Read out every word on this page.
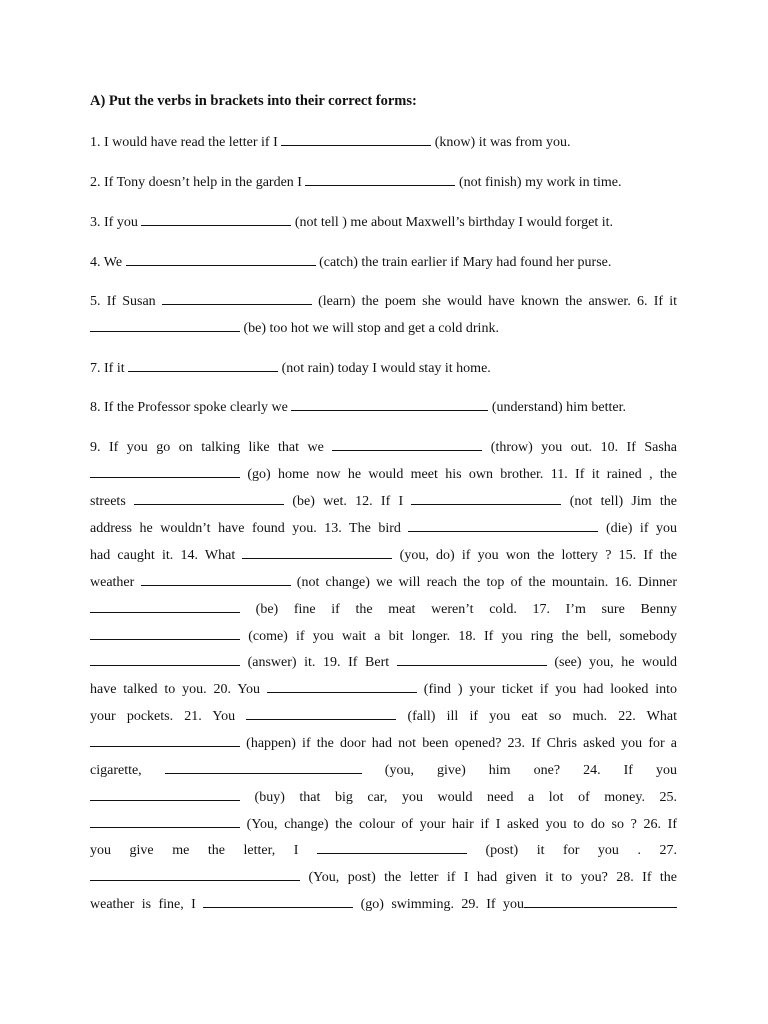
A) Put the verbs in brackets into their correct forms:
1. I would have read the letter if I	(know) it was from you.
2. If Tony doesn’t help in the garden I	(not finish) my work in time.
3. If you	(not tell ) me about Maxwell’s birthday I would forget it.
4. We	(catch) the train earlier if Mary had found her purse.
5. If Susan	(learn) the poem she would have known the answer. 6. If it
(be) too hot we will stop and get a cold drink.
7. If it	(not rain) today I would stay it home.
8. If the Professor spoke clearly we	(understand) him better.
9. If you go on talking like that we	(throw) you out. 10. If Sasha
(go) home now he would meet his own brother. 11. If it rained , the
streets	(be) wet. 12. If I	(not tell) Jim the
address he wouldn’t have found you. 13. The bird	(die) if you
had caught it. 14. What	(you, do) if you won the lottery ? 15. If the
weather	(not change) we will reach the top of the mountain. 16. Dinner
(be) fine if the meat weren’t cold. 17. I’m sure Benny
(come) if you wait a bit longer. 18. If you ring the bell, somebody
(answer) it. 19. If Bert	(see) you, he would
have talked to you. 20. You	(find ) your ticket if you had looked into
your pockets. 21. You	(fall) ill if you eat so much. 22. What
(happen) if the door had not been opened? 23. If Chris asked you for a
cigarette,	(you, give) him one? 24. If you
(buy) that big car, you would need a lot of money. 25.
(You, change) the colour of your hair if I asked you to do so ? 26. If
you give me the letter, I	(post) it for you . 27.
(You, post) the letter if I had given it to you? 28. If the
weather is fine, I	(go) swimming. 29. If you
